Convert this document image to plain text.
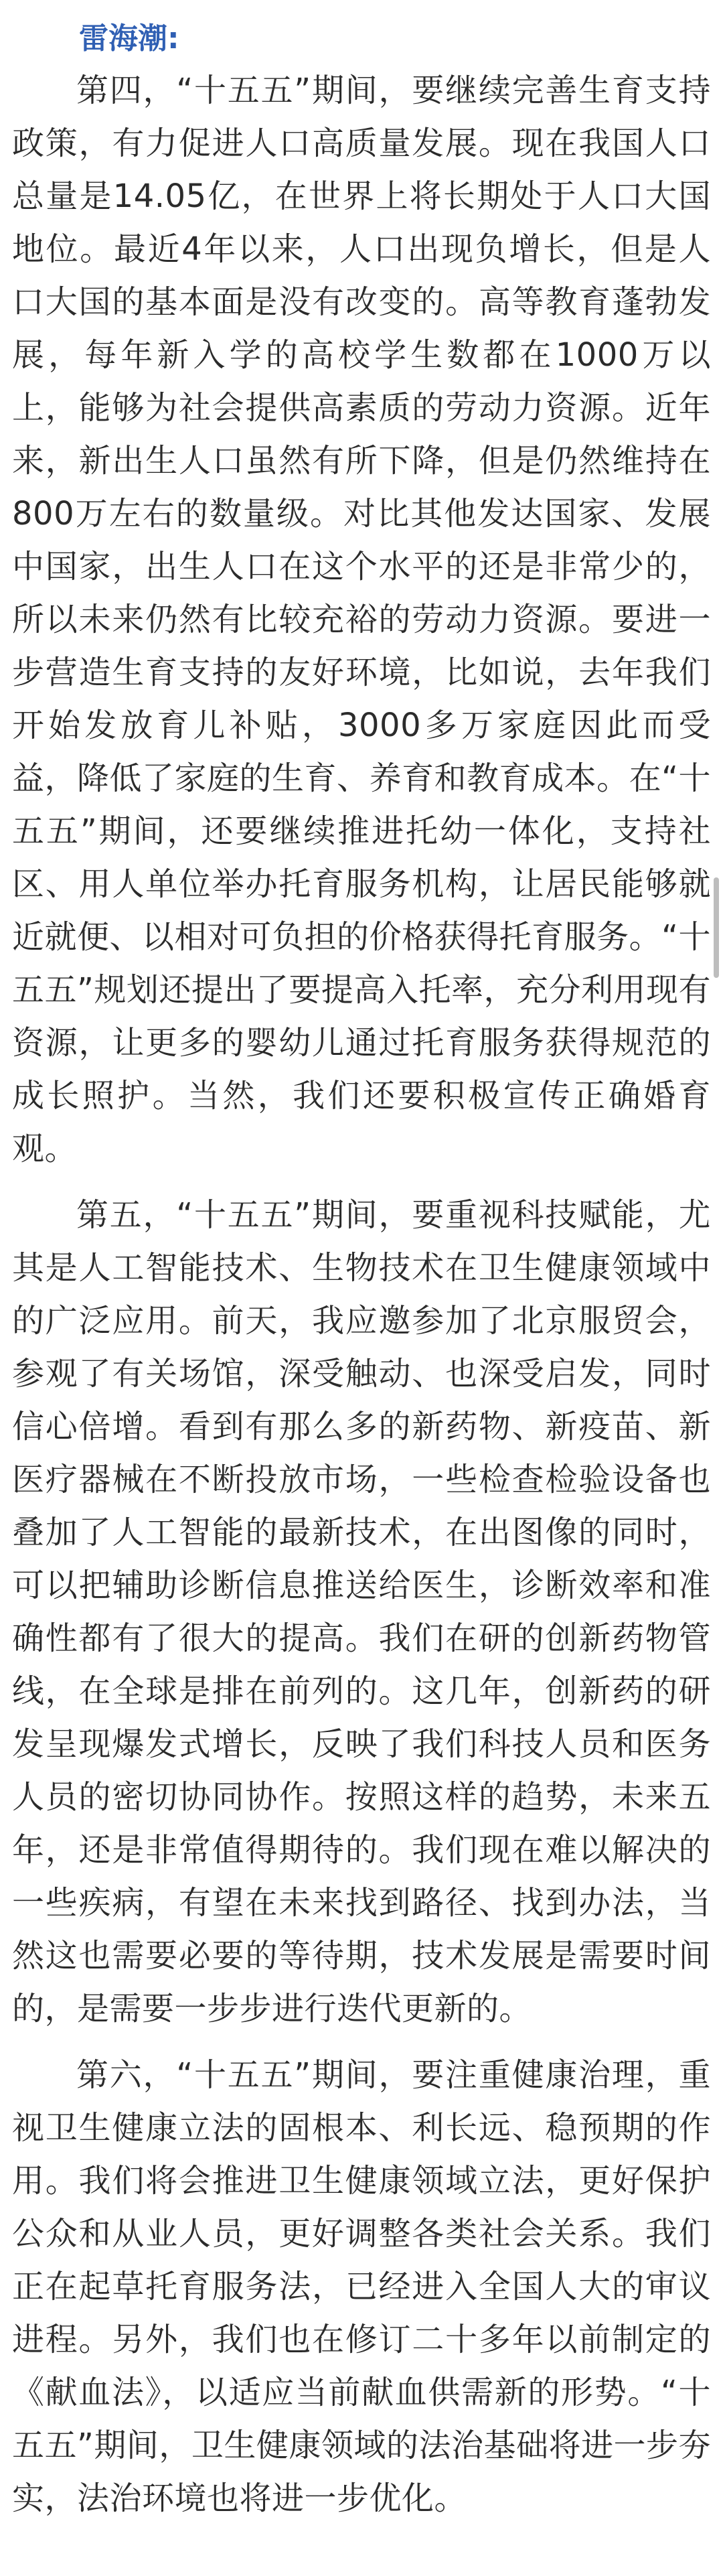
雷海潮:

第四，“十五五”期间，要继续完善生育支持政策，有力促进人口高质量发展。现在我国人口总量是14.05亿，在世界上将长期处于人口大国地位。最近4年以来，人口出现负增长，但是人口大国的基本面是没有改变的。高等教育蓬勃发展，每年新入学的高校学生数都在1000万以上，能够为社会提供高素质的劳动力资源。近年来，新出生人口虽然有所下降，但是仍然维持在800万左右的数量级。对比其他发达国家、发展中国家，出生人口在这个水平的还是非常少的，所以未来仍然有比较充裕的劳动力资源。要进一步营造生育支持的友好环境，比如说，去年我们开始发放育儿补贴，3000多万家庭因此而受益，降低了家庭的生育、养育和教育成本。在“十五五”期间，还要继续推进托幼一体化，支持社区、用人单位举办托育服务机构，让居民能够就近就便、以相对可负担的价格获得托育服务。“十五五”规划还提出了要提高入托率，充分利用现有资源，让更多的婴幼儿通过托育服务获得规范的成长照护。当然，我们还要积极宣传正确婚育观。

第五，“十五五”期间，要重视科技赋能，尤其是人工智能技术、生物技术在卫生健康领域中的广泛应用。前天，我应邀参加了北京服贸会，参观了有关场馆，深受触动、也深受启发，同时信心倍增。看到有那么多的新药物、新疫苗、新医疗器械在不断投放市场，一些检查检验设备也叠加了人工智能的最新技术，在出图像的同时，可以把辅助诊断信息推送给医生，诊断效率和准确性都有了很大的提高。我们在研的创新药物管线，在全球是排在前列的。这几年，创新药的研发呈现爆发式增长，反映了我们科技人员和医务人员的密切协同协作。按照这样的趋势，未来五年，还是非常值得期待的。我们现在难以解决的一些疾病，有望在未来找到路径、找到办法，当然这也需要必要的等待期，技术发展是需要时间的，是需要一步步进行迭代更新的。

第六，“十五五”期间，要注重健康治理，重视卫生健康立法的固根本、利长远、稳预期的作用。我们将会推进卫生健康领域立法，更好保护公众和从业人员，更好调整各类社会关系。我们正在起草托育服务法，已经进入全国人大的审议进程。另外，我们也在修订二十多年以前制定的《献血法》，以适应当前献血供需新的形势。“十五五”期间，卫生健康领域的法治基础将进一步夯实，法治环境也将进一步优化。
